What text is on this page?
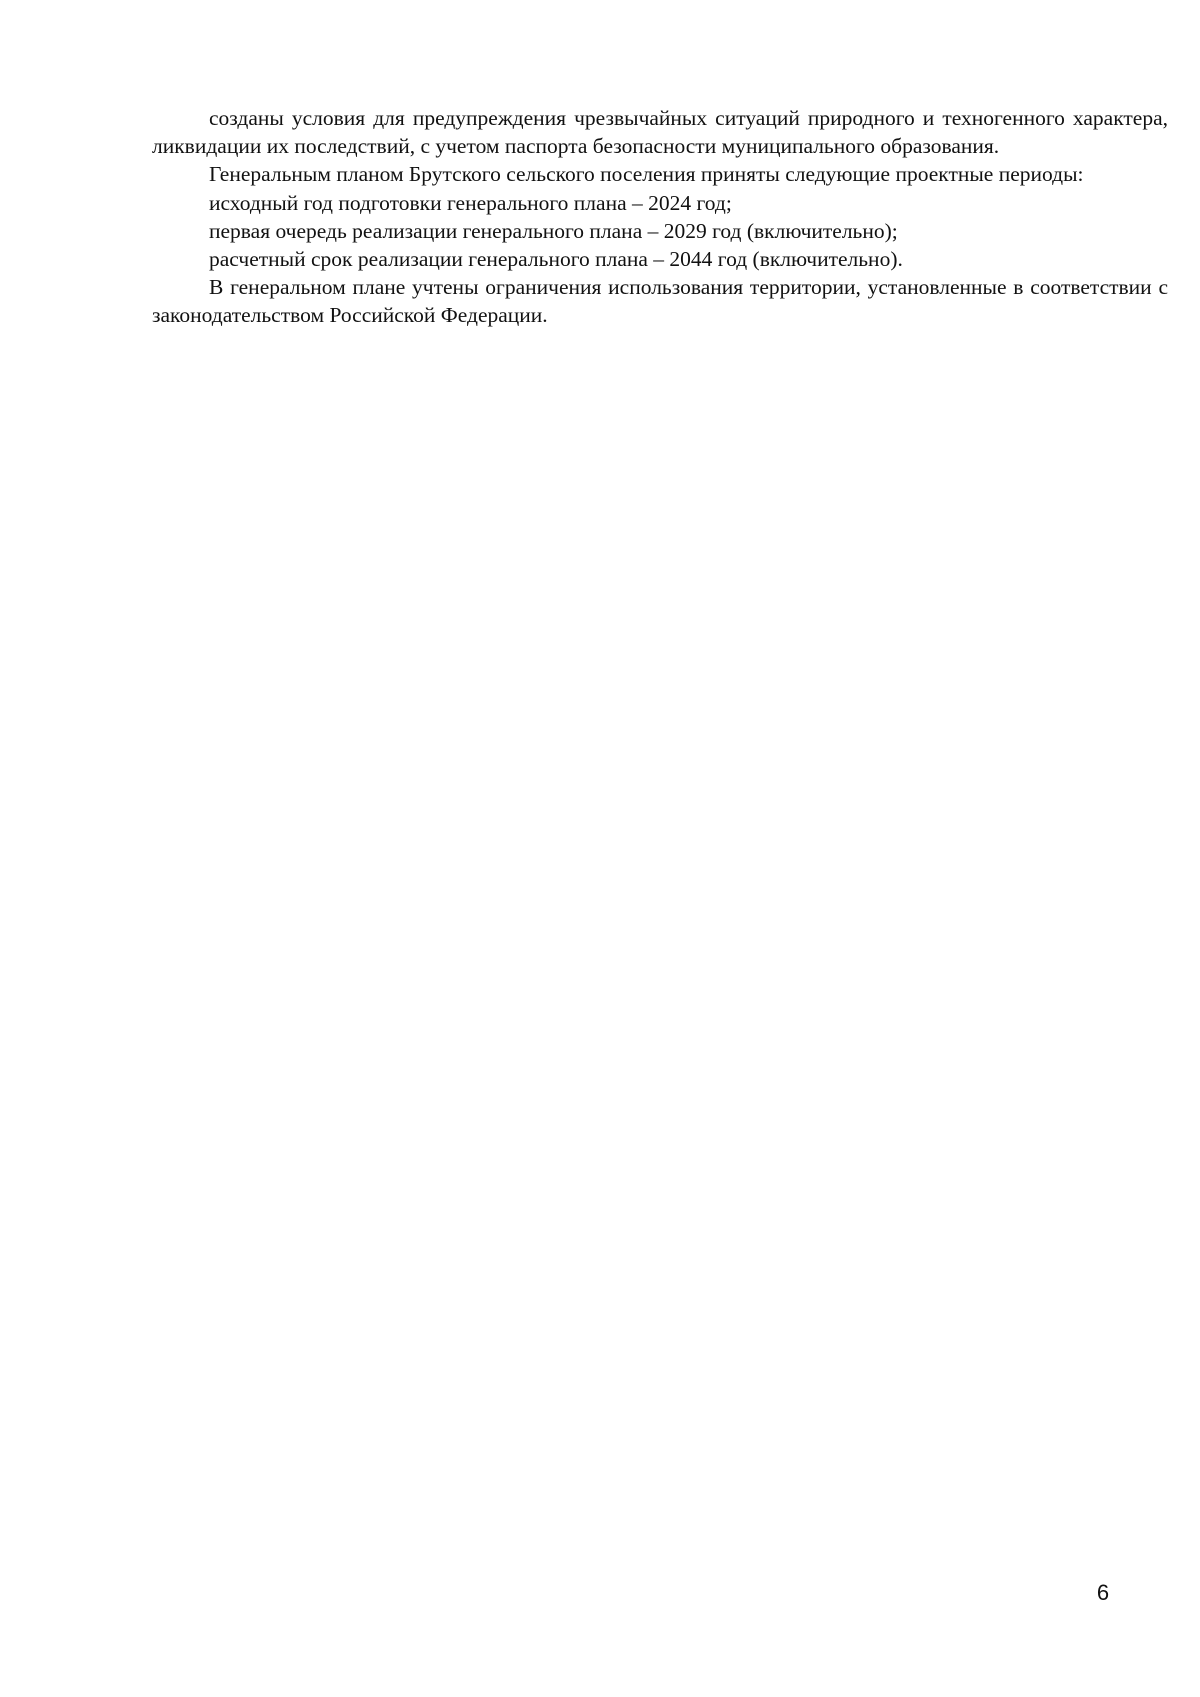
созданы условия для предупреждения чрезвычайных ситуаций природного и техногенного характера, ликвидации их последствий, с учетом паспорта безопасности муниципального образования.

Генеральным планом Брутского сельского поселения приняты следующие проектные периоды:

исходный год подготовки генерального плана – 2024 год;

первая очередь реализации генерального плана – 2029 год (включительно);

расчетный срок реализации генерального плана – 2044 год (включительно).

В генеральном плане учтены ограничения использования территории, установленные в соответствии с законодательством Российской Федерации.

6
